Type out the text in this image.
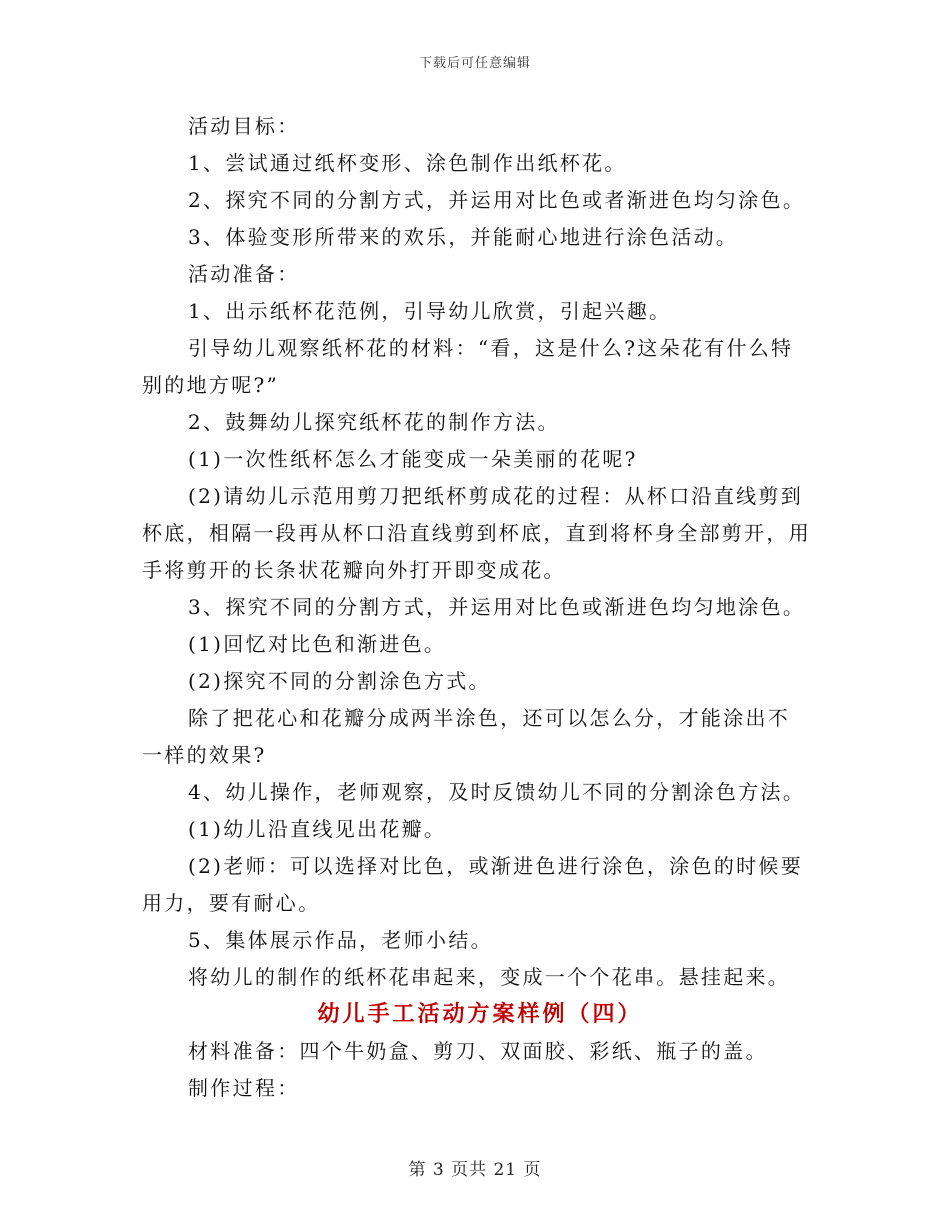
下载后可任意编辑

活动目标：

1、尝试通过纸杯变形、涂色制作出纸杯花。

2、探究不同的分割方式，并运用对比色或者渐进色均匀涂色。

3、体验变形所带来的欢乐，并能耐心地进行涂色活动。

活动准备：

1、出示纸杯花范例，引导幼儿欣赏，引起兴趣。

引导幼儿观察纸杯花的材料：“看，这是什么?这朵花有什么特别的地方呢?”

2、鼓舞幼儿探究纸杯花的制作方法。

(1)一次性纸杯怎么才能变成一朵美丽的花呢?

(2)请幼儿示范用剪刀把纸杯剪成花的过程：从杯口沿直线剪到杯底，相隔一段再从杯口沿直线剪到杯底，直到将杯身全部剪开，用手将剪开的长条状花瓣向外打开即变成花。

3、探究不同的分割方式，并运用对比色或渐进色均匀地涂色。

(1)回忆对比色和渐进色。

(2)探究不同的分割涂色方式。

除了把花心和花瓣分成两半涂色，还可以怎么分，才能涂出不一样的效果?

4、幼儿操作，老师观察，及时反馈幼儿不同的分割涂色方法。

(1)幼儿沿直线见出花瓣。

(2)老师：可以选择对比色，或渐进色进行涂色，涂色的时候要用力，要有耐心。

5、集体展示作品，老师小结。

将幼儿的制作的纸杯花串起来，变成一个个花串。悬挂起来。

幼儿手工活动方案样例（四）

材料准备：四个牛奶盒、剪刀、双面胶、彩纸、瓶子的盖。

制作过程：

第 3 页共 21 页
